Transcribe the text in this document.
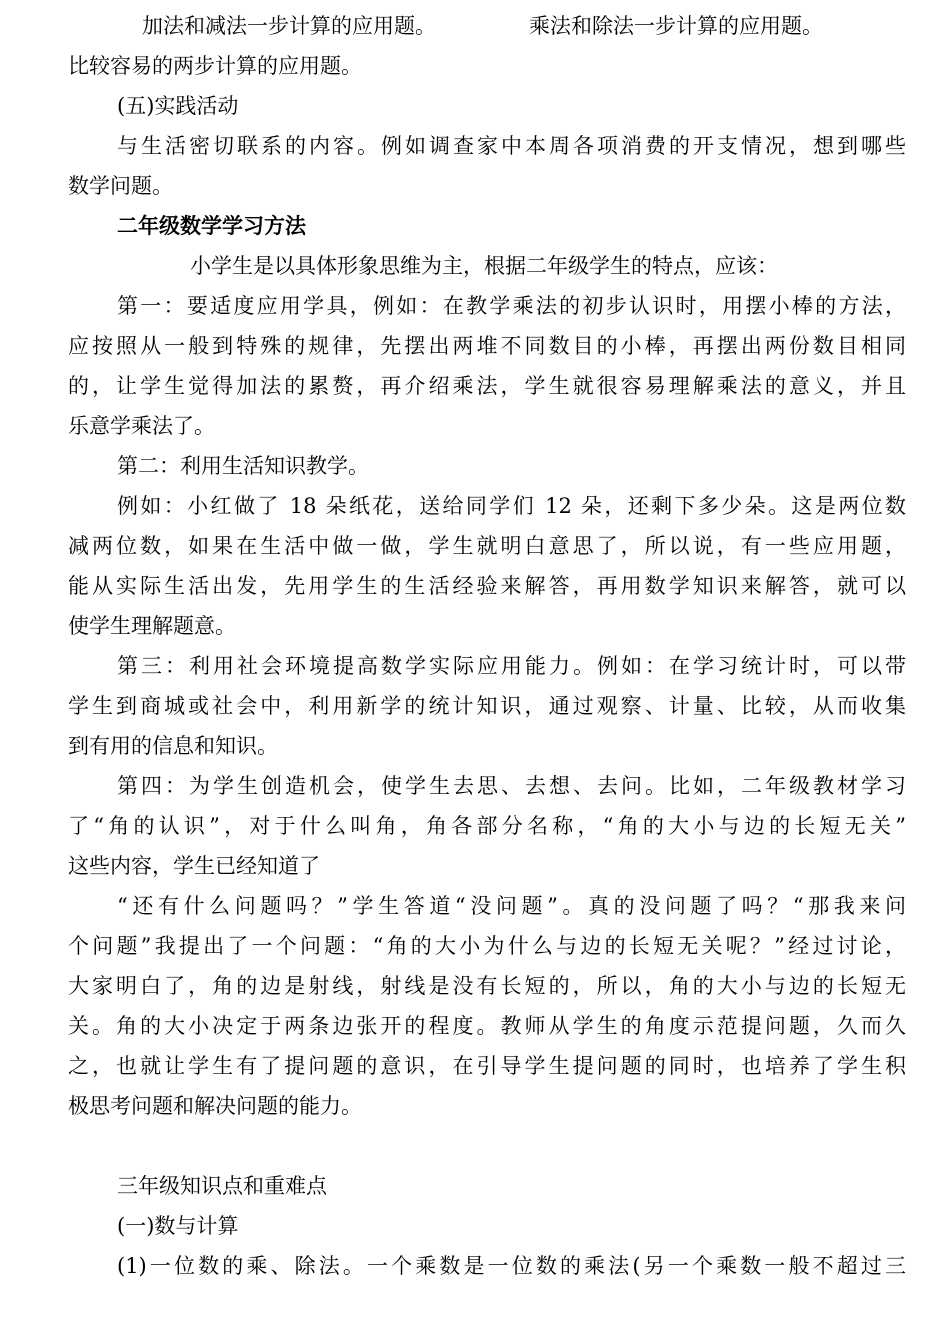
加法和减法一步计算的应用题。	乘法和除法一步计算的应用题。
比较容易的两步计算的应用题。
(五)实践活动
与生活密切联系的内容。例如调查家中本周各项消费的开支情况，想到哪些
数学问题。
二年级数学学习方法
小学生是以具体形象思维为主，根据二年级学生的特点，应该：
第一：要适度应用学具，例如：在教学乘法的初步认识时，用摆小棒的方法，
应按照从一般到特殊的规律，先摆出两堆不同数目的小棒，再摆出两份数目相同
的，让学生觉得加法的累赘，再介绍乘法，学生就很容易理解乘法的意义，并且
乐意学乘法了。
第二：利用生活知识教学。
例如：小红做了 18 朵纸花，送给同学们 12 朵，还剩下多少朵。这是两位数
减两位数，如果在生活中做一做，学生就明白意思了，所以说，有一些应用题，
能从实际生活出发，先用学生的生活经验来解答，再用数学知识来解答，就可以
使学生理解题意。
第三：利用社会环境提高数学实际应用能力。例如：在学习统计时，可以带
学生到商城或社会中，利用新学的统计知识，通过观察、计量、比较，从而收集
到有用的信息和知识。
第四：为学生创造机会，使学生去思、去想、去问。比如，二年级教材学习
了“角的认识”，对于什么叫角，角各部分名称，“角的大小与边的长短无关”
这些内容，学生已经知道了
“还有什么问题吗？”学生答道“没问题”。真的没问题了吗？“那我来问
个问题”我提出了一个问题：“角的大小为什么与边的长短无关呢？”经过讨论，
大家明白了，角的边是射线，射线是没有长短的，所以，角的大小与边的长短无
关。角的大小决定于两条边张开的程度。教师从学生的角度示范提问题，久而久
之，也就让学生有了提问题的意识，在引导学生提问题的同时，也培养了学生积
极思考问题和解决问题的能力。
三年级知识点和重难点
(一)数与计算
(1)一位数的乘、除法。一个乘数是一位数的乘法(另一个乘数一般不超过三
